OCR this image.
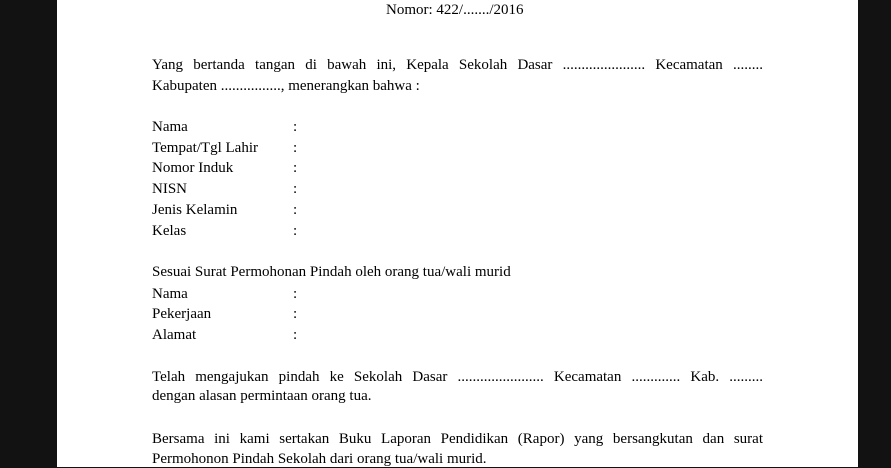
Nomor: 422/......./2016
Yang bertanda tangan di bawah ini, Kepala Sekolah Dasar ...................... Kecamatan ........
Kabupaten ................, menerangkan bahwa :
Nama	:
Tempat/Tgl Lahir :
Nomor Induk	:
NISN	:
Jenis Kelamin	:
Kelas	:
Sesuai Surat Permohonan Pindah oleh orang tua/wali murid
Nama	:
Pekerjaan	:
Alamat	:
Telah mengajukan pindah ke Sekolah Dasar ....................... Kecamatan ............. Kab. .........
dengan alasan permintaan orang tua.
Bersama ini kami sertakan Buku Laporan Pendidikan (Rapor) yang bersangkutan dan surat
Permohonon Pindah Sekolah dari orang tua/wali murid.
